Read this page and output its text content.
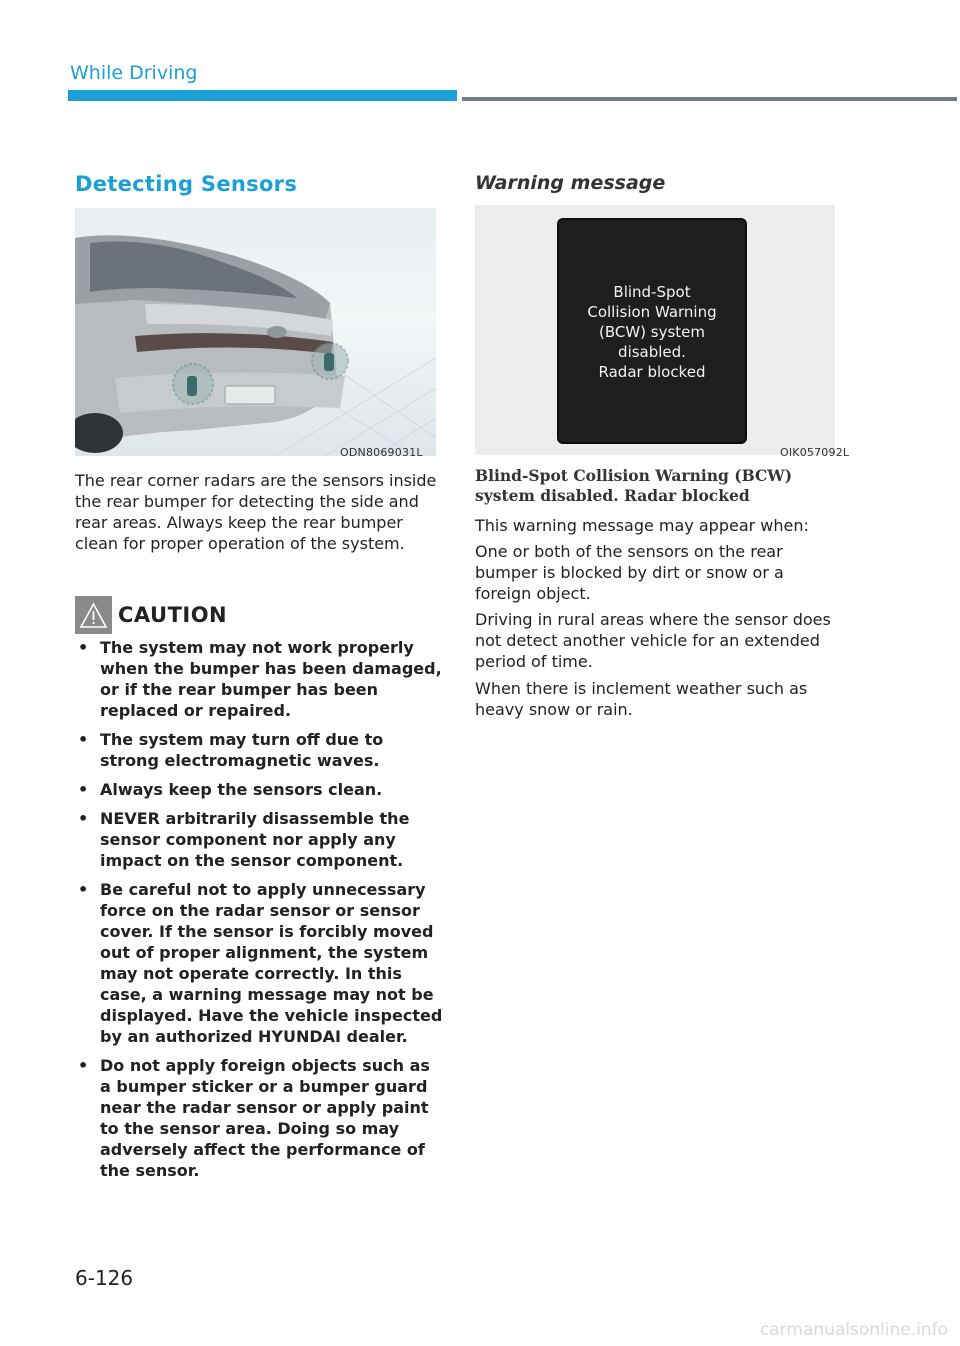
While Driving
Detecting Sensors
ODN8069031L
The rear corner radars are the sensors inside the rear bumper for detecting the side and rear areas. Always keep the rear bumper clean for proper operation of the system.
CAUTION
• The system may not work properly when the bumper has been damaged, or if the rear bumper has been replaced or repaired.
• The system may turn off due to strong electromagnetic waves.
• Always keep the sensors clean.
• NEVER arbitrarily disassemble the sensor component nor apply any impact on the sensor component.
• Be careful not to apply unnecessary force on the radar sensor or sensor cover. If the sensor is forcibly moved out of proper alignment, the system may not operate correctly. In this case, a warning message may not be displayed. Have the vehicle inspected by an authorized HYUNDAI dealer.
• Do not apply foreign objects such as a bumper sticker or a bumper guard near the radar sensor or apply paint to the sensor area. Doing so may adversely affect the performance of the sensor.
Warning message
Blind-Spot
Collision Warning
(BCW) system
disabled.
Radar blocked
OIK057092L
Blind-Spot Collision Warning (BCW) system disabled. Radar blocked
This warning message may appear when:
One or both of the sensors on the rear bumper is blocked by dirt or snow or a foreign object.
Driving in rural areas where the sensor does not detect another vehicle for an extended period of time.
When there is inclement weather such as heavy snow or rain.
6-126
carmanualsonline.info
